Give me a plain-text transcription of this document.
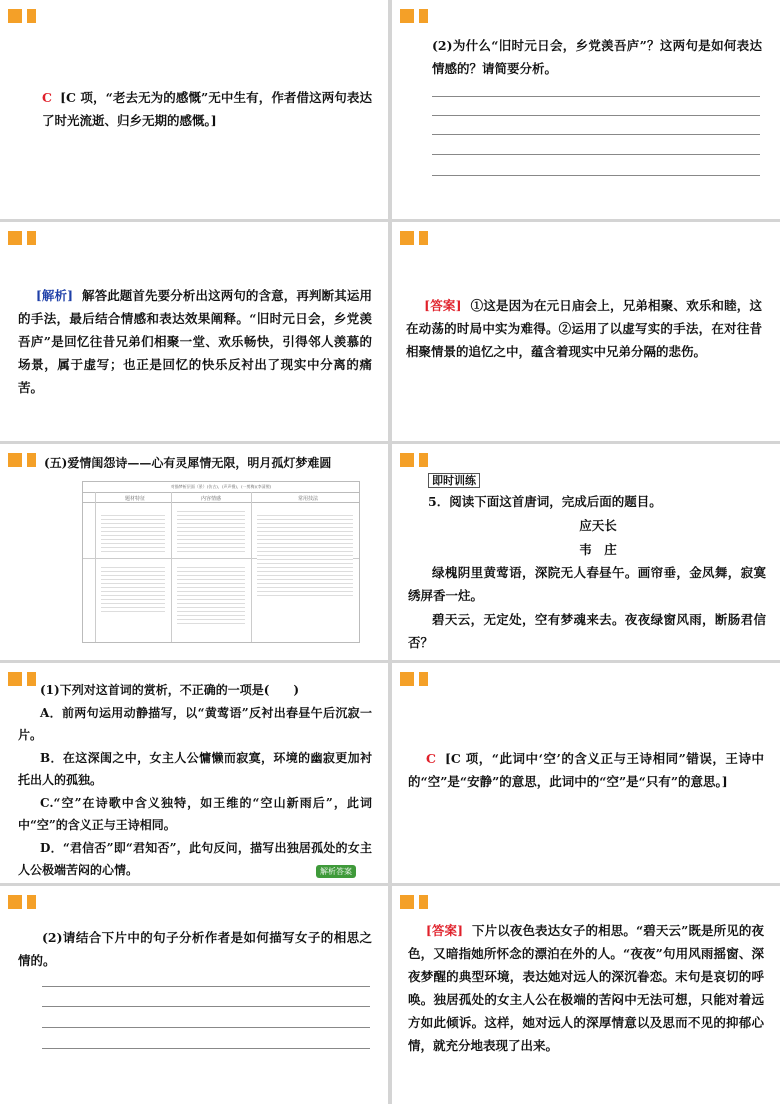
C [C 项，“老去无为的感慨”无中生有，作者借这两句表达了时光流逝、归乡无期的感慨。]
(2)为什么“旧时元日会，乡党羡吾庐”？这两句是如何表达情感的？请简要分析。
[解析] 解答此题首先要分析出这两句的含意，再判断其运用的手法，最后结合情感和表达效果阐释。“旧时元日会，乡党羡吾庐”是回忆往昔兄弟们相聚一堂、欢乐畅快，引得邻人羡慕的场景，属于虚写；也正是回忆的快乐反衬出了现实中分离的痛苦。
[答案] ①这是因为在元日庙会上，兄弟相聚、欢乐和睦，这在动荡的时局中实为难得。②运用了以虚写实的手法，在对往昔相聚情景的追忆之中，蕴含着现实中兄弟分隔的悲伤。
(五)爱情闺怨诗——心有灵犀情无限，明月孤灯梦难圆
对描梦析层面（景）(仿古)，(声声慢)，(一剪梅)(李清照)
题材特征	内容情感	常用技法
即时训练
5．阅读下面这首唐词，完成后面的题目。
应天长
韦　庄
绿槐阴里黄莺语，深院无人春昼午。画帘垂，金凤舞，寂寞绣屏香一炷。
碧天云，无定处，空有梦魂来去。夜夜绿窗风雨，断肠君信否？
(1)下列对这首词的赏析，不正确的一项是(　　)
A．前两句运用动静描写，以“黄莺语”反衬出春昼午后沉寂一片。
B．在这深闺之中，女主人公慵懒而寂寞，环境的幽寂更加衬托出人的孤独。
C.“空”在诗歌中含义独特，如王维的“空山新雨后”，此词中“空”的含义正与王诗相同。
D．“君信否”即“君知否”，此句反问，描写出独居孤处的女主人公极端苦闷的心情。	解析答案
C [C 项，“此词中‘空’的含义正与王诗相同”错误，王诗中的“空”是“安静”的意思，此词中的“空”是“只有”的意思。]
(2)请结合下片中的句子分析作者是如何描写女子的相思之情的。
[答案] 下片以夜色表达女子的相思。“碧天云”既是所见的夜色，又暗指她所怀念的漂泊在外的人。“夜夜”句用风雨摇窗、深夜梦醒的典型环境，表达她对远人的深沉眷恋。末句是哀切的呼唤。独居孤处的女主人公在极端的苦闷中无法可想，只能对着远方如此倾诉。这样，她对远人的深厚情意以及思而不见的抑郁心情，就充分地表现了出来。
